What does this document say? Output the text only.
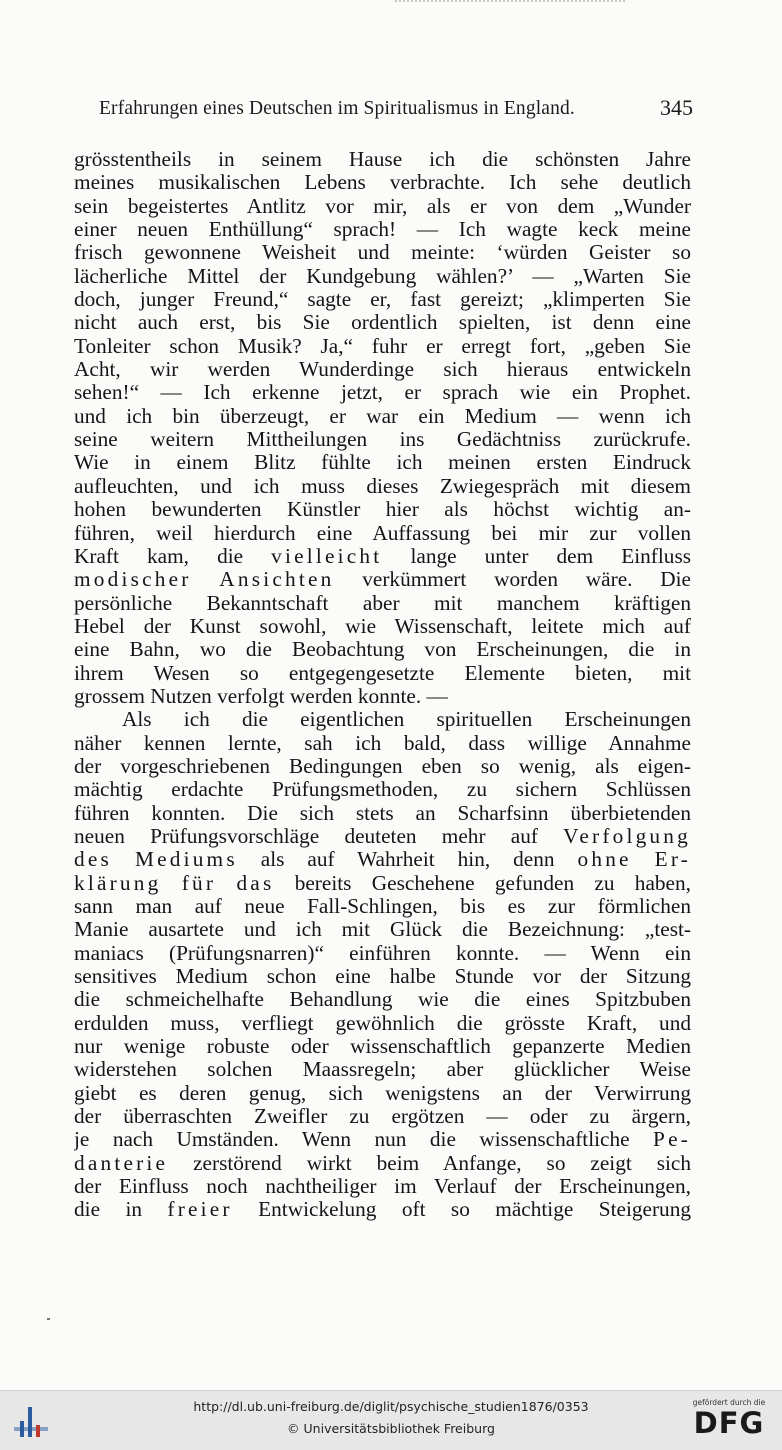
Erfahrungen eines Deutschen im Spiritualismus in England.	345
grösstentheils in seinem Hause ich die schönsten Jahre
meines musikalischen Lebens verbrachte. Ich sehe deutlich
sein begeistertes Antlitz vor mir, als er von dem „Wunder
einer neuen Enthüllung“ sprach! — Ich wagte keck meine
frisch gewonnene Weisheit und meinte: ‘würden Geister so
lächerliche Mittel der Kundgebung wählen?’ — „Warten Sie
doch, junger Freund,“ sagte er, fast gereizt; „klimperten Sie
nicht auch erst, bis Sie ordentlich spielten, ist denn eine
Tonleiter schon Musik? Ja,“ fuhr er erregt fort, „geben Sie
Acht, wir werden Wunderdinge sich hieraus entwickeln
sehen!“ — Ich erkenne jetzt, er sprach wie ein Prophet.
und ich bin überzeugt, er war ein Medium — wenn ich
seine weitern Mittheilungen ins Gedächtniss zurückrufe.
Wie in einem Blitz fühlte ich meinen ersten Eindruck
aufleuchten, und ich muss dieses Zwiegespräch mit diesem
hohen bewunderten Künstler hier als höchst wichtig an-
führen, weil hierdurch eine Auffassung bei mir zur vollen
Kraft kam, die vielleicht lange unter dem Einfluss
modischer Ansichten verkümmert worden wäre. Die
persönliche Bekanntschaft aber mit manchem kräftigen
Hebel der Kunst sowohl, wie Wissenschaft, leitete mich auf
eine Bahn, wo die Beobachtung von Erscheinungen, die in
ihrem Wesen so entgegengesetzte Elemente bieten, mit
grossem Nutzen verfolgt werden konnte. —
Als ich die eigentlichen spirituellen Erscheinungen
näher kennen lernte, sah ich bald, dass willige Annahme
der vorgeschriebenen Bedingungen eben so wenig, als eigen-
mächtig erdachte Prüfungsmethoden, zu sichern Schlüssen
führen konnten. Die sich stets an Scharfsinn überbietenden
neuen Prüfungsvorschläge deuteten mehr auf Verfolgung
des Mediums als auf Wahrheit hin, denn ohne Er-
klärung für das bereits Geschehene gefunden zu haben,
sann man auf neue Fall-Schlingen, bis es zur förmlichen
Manie ausartete und ich mit Glück die Bezeichnung: „test-
maniacs (Prüfungsnarren)“ einführen konnte. — Wenn ein
sensitives Medium schon eine halbe Stunde vor der Sitzung
die schmeichelhafte Behandlung wie die eines Spitzbuben
erdulden muss, verfliegt gewöhnlich die grösste Kraft, und
nur wenige robuste oder wissenschaftlich gepanzerte Medien
widerstehen solchen Maassregeln; aber glücklicher Weise
giebt es deren genug, sich wenigstens an der Verwirrung
der überraschten Zweifler zu ergötzen — oder zu ärgern,
je nach Umständen. Wenn nun die wissenschaftliche Pe-
danterie zerstörend wirkt beim Anfange, so zeigt sich
der Einfluss noch nachtheiliger im Verlauf der Erscheinungen,
die in freier Entwickelung oft so mächtige Steigerung
http://dl.ub.uni-freiburg.de/diglit/psychische_studien1876/0353
© Universitätsbibliothek Freiburg
gefördert durch die
DFG
